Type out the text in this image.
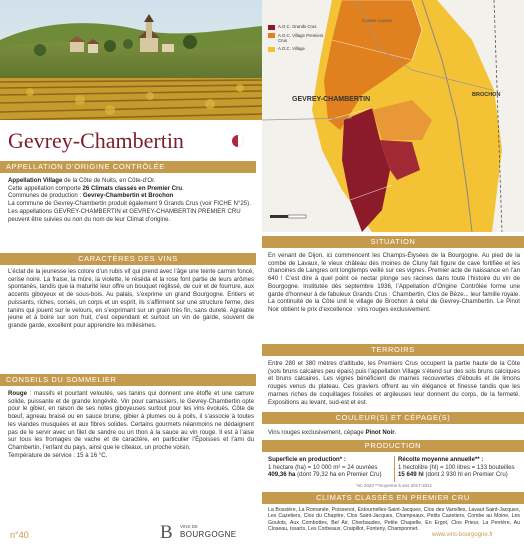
Gevrey-Chambertin
APPELLATION D’ORIGINE CONTRÔLÉE
Appellation Village de la Côte de Nuits, en Côte-d’Or.
Cette appellation comporte 26 Climats classés en Premier Cru.
Communes de production : Gevrey-Chambertin et Brochon
La commune de Gevrey-Chambertin produit également 9 Grands Crus (voir FICHE N°25).
Les appellations GEVREY-CHAMBERTIN et GEVREY-CHAMBERTIN PREMIER CRU peuvent être suivies ou non du nom de leur Climat d’origine.
CARACTÈRES DES VINS
L’éclat de la jeunesse les colore d’un rubis vif qui prend avec l’âge une teinte carmin foncé, cerise noire. La fraise, la mûre, la violette, le réséda et la rose font partie de leurs arômes spontanés, tandis que la maturité leur offre un bouquet réglissé, de cuir et de fourrure, aux accents giboyeux et de sous-bois. Au palais, s’exprime un grand Bourgogne. Entiers et puissants, riches, corsés, un corps et un esprit, ils s’affirment sur une structure ferme, des tanins qui jouent sur le velours, en s’exprimant sur un grain très fin, sans dureté. Agréable jeune et à boire sur son fruit, c’est cependant et surtout un vin de garde, souvent de grande garde, excellent pour apprendre les millésimes.
CONSEILS DU SOMMELIER
Rouge : massifs et pourtant veloutés, ses tanins qui donnent une étoffe et une carrure solide, puissante et de grande longévité. Vin pour camassiers, le Gevrey-Chambertin opte pour le gibier, en raison de ses notes giboyeuses surtout pour les vins évolués. Côte de bœuf, agneau braisé ou en sauce brune, gibier à plumes ou à poils, il s’associe à toutes les viandes musquées et aux fibres solides. Certains gourmets néanmoins ne dédaignent pas de le servir avec un filet de sandre ou un thon à la sauce au vin rouge. Il est à l’aise sur tous les fromages de vache et de caractère, en particulier l’Époisses et l’ami du Chambertin, l’enfant du pays, ainsi que le cîteaux, un proche voisin.
Température de service : 15 à 16 °C.
n°40
A.O.C. Grands Crus
A.O.C. Village Premiers Crus
A.O.C. Village
GEVREY-CHAMBERTIN
BROCHON
Combe Lavaux
SITUATION
En venant de Dijon, ici commencent les Champs-Élysées de la Bourgogne. Au pied de la combe de Lavaux, le vieux château des moines de Cluny fait figure de cave fortifiée et les chanoines de Langres ont longtemps veillé sur ces vignes. Premier acte de naissance en l’an 640 ! C’est dire à quel point ce nectar plonge ses racines dans toute l’histoire du vin de Bourgogne. Institutée dès septembre 1936, l’Appellation d’Origine Contrôlée forme une garde d’honneur à de fabuleux Grands Crus : Chambertin, Clos de Bèze... leur famille royale. La continuité de la Côte unit le village de Brochon à celui de Gevrey-Chambertin. Le Pinot Noir obtient le prix d’excellence : vins rouges exclusivement.
TERROIRS
Entre 280 et 380 mètres d’altitude, les Premiers Crus occupent la partie haute de la Côte (sols bruns calcaires peu épais) puis l’appellation Village s’étend sur des sols bruns calciques et bruns calcaires. Les vignes bénéficient de marnes recouvertes d’éboulis et de limons rouges venus du plateau. Ces graviers offrent au vin élégance et finesse tandis que les marnes riches de coquillages fossiles et argileuses leur donnent du corps, de la fermeté. Expositions au levant, sud-est et est.
COULEUR(S) ET CÉPAGE(S)
Vins rouges exclusivement, cépage Pinot Noir.
PRODUCTION
Superficie en production* :
1 hectare (ha) = 10 000 m² = 24 ouvrées
409,36 ha (dont 79,32 ha en Premier Cru)
Récolte moyenne annuelle** :
1 hectolitre (hl) = 100 litres = 133 bouteilles
15 649 hl (dont 2 930 hl en Premier Cru)
*en 2022 **moyenne 5 ans 2017-2021
CLIMATS CLASSÉS EN PREMIER CRU
La Bossière, La Romanée, Poissenot, Estournelles-Saint-Jacques, Clos des Varoilles, Lavaut Saint-Jacques, Les Cazetiers, Clos du Chapitre, Clos Saint-Jacques, Champeaux, Petits Cazetiers, Combe au Moine, Les Goulots, Aux Combottes, Bel Air, Cherbaudes, Petite Chapelle, En Ergot, Clos Prieur, La Perrière, Au Closeau, Issarts, Les Corbeaux, Craipillot, Fonteny, Champonnet.
B VINS DE
BOURGOGNE	www.vins-bourgogne.fr
